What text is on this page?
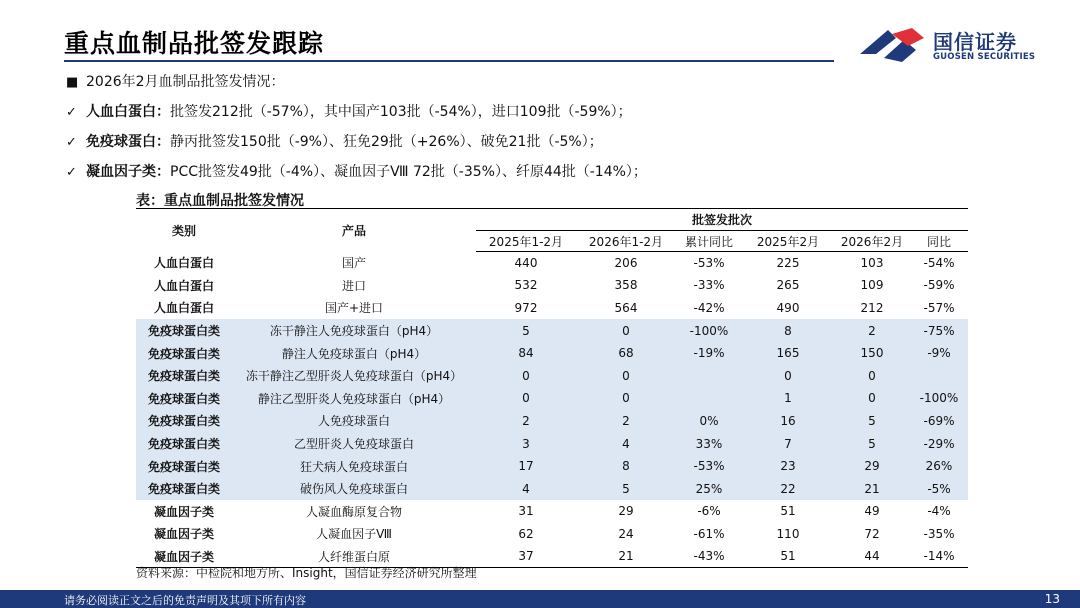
重点血制品批签发跟踪	国信证券
GUOSEN SECURITIES
■ 2026年2月血制品批签发情况：
✓ 人血白蛋白：批签发212批（-57%），其中国产103批（-54%），进口109批（-59%）；
✓ 免疫球蛋白：静丙批签发150批（-9%）、狂免29批（+26%）、破免21批（-5%）；
✓ 凝血因子类：PCC批签发49批（-4%）、凝血因子Ⅷ 72批（-35%）、纤原44批（-14%）；
表：重点血制品批签发情况
类别	产品	批签发批次					
		2025年1-2月	2026年1-2月	累计同比	2025年2月	2026年2月	同比
人血白蛋白	国产	440	206	-53%	225	103	-54%
人血白蛋白	进口	532	358	-33%	265	109	-59%
人血白蛋白	国产+进口	972	564	-42%	490	212	-57%
免疫球蛋白类	冻干静注人免疫球蛋白（pH4）	5	0	-100%	8	2	-75%
免疫球蛋白类	静注人免疫球蛋白（pH4）	84	68	-19%	165	150	-9%
免疫球蛋白类	冻干静注乙型肝炎人免疫球蛋白（pH4）	0	0		0	0	
免疫球蛋白类	静注乙型肝炎人免疫球蛋白（pH4）	0	0		1	0	-100%
免疫球蛋白类	人免疫球蛋白	2	2	0%	16	5	-69%
免疫球蛋白类	乙型肝炎人免疫球蛋白	3	4	33%	7	5	-29%
免疫球蛋白类	狂犬病人免疫球蛋白	17	8	-53%	23	29	26%
免疫球蛋白类	破伤风人免疫球蛋白	4	5	25%	22	21	-5%
凝血因子类	人凝血酶原复合物	31	29	-6%	51	49	-4%
凝血因子类	人凝血因子Ⅷ	62	24	-61%	110	72	-35%
凝血因子类	人纤维蛋白原	37	21	-43%	51	44	-14%
资料来源：中检院和地方所、Insight，国信证券经济研究所整理
请务必阅读正文之后的免责声明及其项下所有内容	13
